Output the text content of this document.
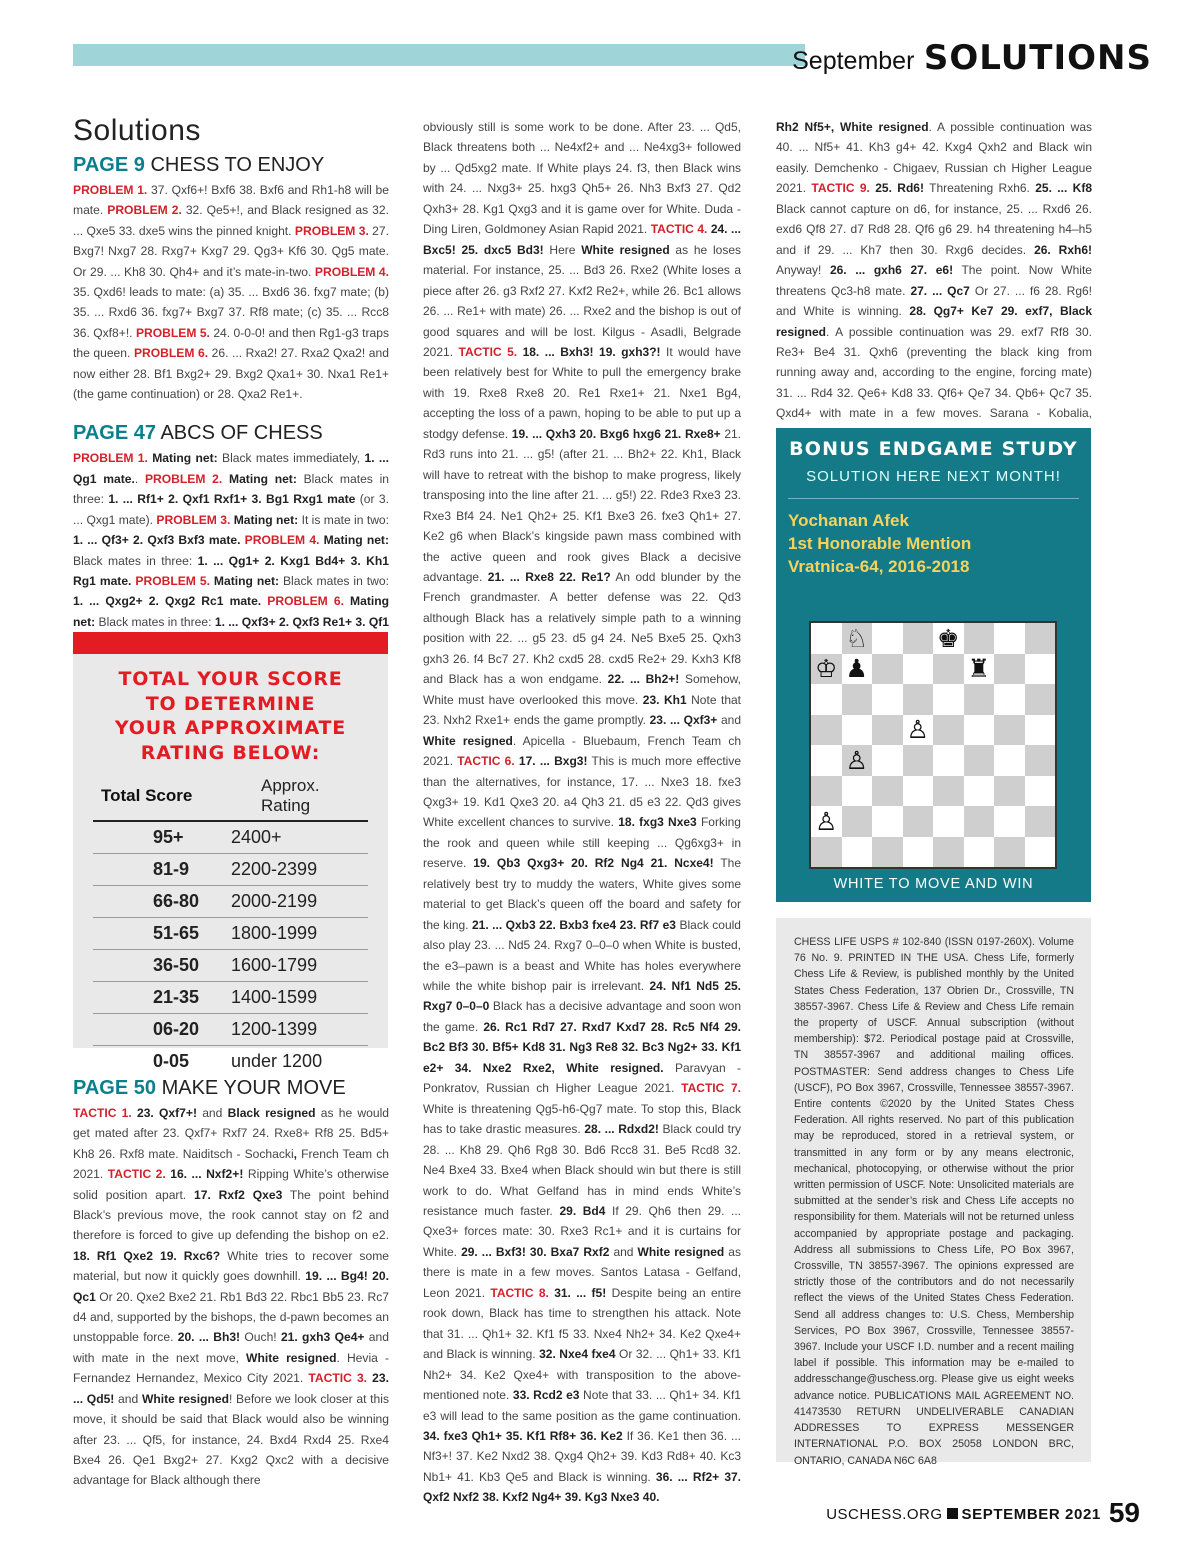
September SOLUTIONS
Solutions
PAGE 9 CHESS TO ENJOY
PROBLEM 1. 37. Qxf6+! Bxf6 38. Bxf6 and Rh1-h8 will be mate. PROBLEM 2. 32. Qe5+!, and Black resigned as 32. ... Qxe5 33. dxe5 wins the pinned knight. PROBLEM 3. 27. Bxg7! Nxg7 28. Rxg7+ Kxg7 29. Qg3+ Kf6 30. Qg5 mate. Or 29. ... Kh8 30. Qh4+ and it’s mate-in-two. PROBLEM 4. 35. Qxd6! leads to mate: (a) 35. ... Bxd6 36. fxg7 mate; (b) 35. ... Rxd6 36. fxg7+ Bxg7 37. Rf8 mate; (c) 35. ... Rcc8 36. Qxf8+!. PROBLEM 5. 24. 0-0-0! and then Rg1-g3 traps the queen. PROBLEM 6. 26. ... Rxa2! 27. Rxa2 Qxa2! and now either 28. Bf1 Bxg2+ 29. Bxg2 Qxa1+ 30. Nxa1 Re1+ (the game continuation) or 28. Qxa2 Re1+.
PAGE 47 ABCS OF CHESS
PROBLEM 1. Mating net: Black mates immediately, 1. ... Qg1 mate.. PROBLEM 2. Mating net: Black mates in three: 1. ... Rf1+ 2. Qxf1 Rxf1+ 3. Bg1 Rxg1 mate (or 3. ... Qxg1 mate). PROBLEM 3. Mating net: It is mate in two: 1. ... Qf3+ 2. Qxf3 Bxf3 mate. PROBLEM 4. Mating net: Black mates in three: 1. ... Qg1+ 2. Kxg1 Bd4+ 3. Kh1 Rg1 mate. PROBLEM 5. Mating net: Black mates in two: 1. ... Qxg2+ 2. Qxg2 Rc1 mate. PROBLEM 6. Mating net: Black mates in three: 1. ... Qxf3+ 2. Qxf3 Re1+ 3. Qf1
TOTAL YOUR SCORE
TO DETERMINE
YOUR APPROXIMATE
RATING BELOW:
Total Score	Approx. Rating
95+	2400+
81-9	2200-2399
66-80	2000-2199
51-65	1800-1999
36-50	1600-1799
21-35	1400-1599
06-20	1200-1399
0-05	under 1200
PAGE 50 MAKE YOUR MOVE
TACTIC 1. 23. Qxf7+! and Black resigned as he would get mated after 23. Qxf7+ Rxf7 24. Rxe8+ Rf8 25. Bd5+ Kh8 26. Rxf8 mate. Naiditsch - Sochacki, French Team ch 2021. TACTIC 2. 16. ... Nxf2+! Ripping White’s otherwise solid position apart. 17. Rxf2 Qxe3 The point behind Black’s previous move, the rook cannot stay on f2 and therefore is forced to give up defending the bishop on e2. 18. Rf1 Qxe2 19. Rxc6? White tries to recover some material, but now it quickly goes downhill. 19. ... Bg4! 20. Qc1 Or 20. Qxe2 Bxe2 21. Rb1 Bd3 22. Rbc1 Bb5 23. Rc7 d4 and, supported by the bishops, the d-pawn becomes an unstoppable force. 20. ... Bh3! Ouch! 21. gxh3 Qe4+ and with mate in the next move, White resigned. Hevia - Fernandez Hernandez, Mexico City 2021. TACTIC 3. 23. ... Qd5! and White resigned! Before we look closer at this move, it should be said that Black would also be winning after 23. ... Qf5, for instance, 24. Bxd4 Rxd4 25. Rxe4 Bxe4 26. Qe1 Bxg2+ 27. Kxg2 Qxc2 with a decisive advantage for Black although there
obviously still is some work to be done. After 23. ... Qd5, Black threatens both ... Ne4xf2+ and ... Ne4xg3+ followed by ... Qd5xg2 mate. If White plays 24. f3, then Black wins with 24. ... Nxg3+ 25. hxg3 Qh5+ 26. Nh3 Bxf3 27. Qd2 Qxh3+ 28. Kg1 Qxg3 and it is game over for White. Duda - Ding Liren, Goldmoney Asian Rapid 2021. TACTIC 4. 24. ... Bxc5! 25. dxc5 Bd3! Here White resigned as he loses material. For instance, 25. ... Bd3 26. Rxe2 (White loses a piece after 26. g3 Rxf2 27. Kxf2 Re2+, while 26. Bc1 allows 26. ... Re1+ with mate) 26. ... Rxe2 and the bishop is out of good squares and will be lost. Kilgus - Asadli, Belgrade 2021. TACTIC 5. 18. ... Bxh3! 19. gxh3?! It would have been relatively best for White to pull the emergency brake with 19. Rxe8 Rxe8 20. Re1 Rxe1+ 21. Nxe1 Bg4, accepting the loss of a pawn, hoping to be able to put up a stodgy defense. 19. ... Qxh3 20. Bxg6 hxg6 21. Rxe8+ 21. Rd3 runs into 21. ... g5! (after 21. ... Bh2+ 22. Kh1, Black will have to retreat with the bishop to make progress, likely transposing into the line after 21. ... g5!) 22. Rde3 Rxe3 23. Rxe3 Bf4 24. Ne1 Qh2+ 25. Kf1 Bxe3 26. fxe3 Qh1+ 27. Ke2 g6 when Black’s kingside pawn mass combined with the active queen and rook gives Black a decisive advantage. 21. ... Rxe8 22. Re1? An odd blunder by the French grandmaster. A better defense was 22. Qd3 although Black has a relatively simple path to a winning position with 22. ... g5 23. d5 g4 24. Ne5 Bxe5 25. Qxh3 gxh3 26. f4 Bc7 27. Kh2 cxd5 28. cxd5 Re2+ 29. Kxh3 Kf8 and Black has a won endgame. 22. ... Bh2+! Somehow, White must have overlooked this move. 23. Kh1 Note that 23. Nxh2 Rxe1+ ends the game promptly. 23. ... Qxf3+ and White resigned. Apicella - Bluebaum, French Team ch 2021. TACTIC 6. 17. ... Bxg3! This is much more effective than the alternatives, for instance, 17. ... Nxe3 18. fxe3 Qxg3+ 19. Kd1 Qxe3 20. a4 Qh3 21. d5 e3 22. Qd3 gives White excellent chances to survive. 18. fxg3 Nxe3 Forking the rook and queen while still keeping ... Qg6xg3+ in reserve. 19. Qb3 Qxg3+ 20. Rf2 Ng4 21. Ncxe4! The relatively best try to muddy the waters, White gives some material to get Black’s queen off the board and safety for the king. 21. ... Qxb3 22. Bxb3 fxe4 23. Rf7 e3 Black could also play 23. ... Nd5 24. Rxg7 0–0–0 when White is busted, the e3–pawn is a beast and White has holes everywhere while the white bishop pair is irrelevant. 24. Nf1 Nd5 25. Rxg7 0–0–0 Black has a decisive advantage and soon won the game. 26. Rc1 Rd7 27. Rxd7 Kxd7 28. Rc5 Nf4 29. Bc2 Bf3 30. Bf5+ Kd8 31. Ng3 Re8 32. Bc3 Ng2+ 33. Kf1 e2+ 34. Nxe2 Rxe2, White resigned. Paravyan - Ponkratov, Russian ch Higher League 2021. TACTIC 7. White is threatening Qg5-h6-Qg7 mate. To stop this, Black has to take drastic measures. 28. ... Rdxd2! Black could try 28. ... Kh8 29. Qh6 Rg8 30. Bd6 Rcc8 31. Be5 Rcd8 32. Ne4 Bxe4 33. Bxe4 when Black should win but there is still work to do. What Gelfand has in mind ends White’s resistance much faster. 29. Bd4 If 29. Qh6 then 29. ... Qxe3+ forces mate: 30. Rxe3 Rc1+ and it is curtains for White. 29. ... Bxf3! 30. Bxa7 Rxf2 and White resigned as there is mate in a few moves. Santos Latasa - Gelfand, Leon 2021. TACTIC 8. 31. ... f5! Despite being an entire rook down, Black has time to strengthen his attack. Note that 31. ... Qh1+ 32. Kf1 f5 33. Nxe4 Nh2+ 34. Ke2 Qxe4+ and Black is winning. 32. Nxe4 fxe4 Or 32. ... Qh1+ 33. Kf1 Nh2+ 34. Ke2 Qxe4+ with transposition to the above-mentioned note. 33. Rcd2 e3 Note that 33. ... Qh1+ 34. Kf1 e3 will lead to the same position as the game continuation. 34. fxe3 Qh1+ 35. Kf1 Rf8+ 36. Ke2 If 36. Ke1 then 36. ... Nf3+! 37. Ke2 Nxd2 38. Qxg4 Qh2+ 39. Kd3 Rd8+ 40. Kc3 Nb1+ 41. Kb3 Qe5 and Black is winning. 36. ... Rf2+ 37. Qxf2 Nxf2 38. Kxf2 Ng4+ 39. Kg3 Nxe3 40.
Rh2 Nf5+, White resigned. A possible continuation was 40. ... Nf5+ 41. Kh3 g4+ 42. Kxg4 Qxh2 and Black win easily. Demchenko - Chigaev, Russian ch Higher League 2021. TACTIC 9. 25. Rd6! Threatening Rxh6. 25. ... Kf8 Black cannot capture on d6, for instance, 25. ... Rxd6 26. exd6 Qf8 27. d7 Rd8 28. Qf6 g6 29. h4 threatening h4–h5 and if 29. ... Kh7 then 30. Rxg6 decides. 26. Rxh6! Anyway! 26. ... gxh6 27. e6! The point. Now White threatens Qc3-h8 mate. 27. ... Qc7 Or 27. ... f6 28. Rg6! and White is winning. 28. Qg7+ Ke7 29. exf7, Black resigned. A possible continuation was 29. exf7 Rf8 30. Re3+ Be4 31. Qxh6 (preventing the black king from running away and, according to the engine, forcing mate) 31. ... Rd4 32. Qe6+ Kd8 33. Qf6+ Qe7 34. Qb6+ Qc7 35. Qxd4+ with mate in a few moves. Sarana - Kobalia,
BONUS ENDGAME STUDY
SOLUTION HERE NEXT MONTH!
Yochanan Afek
1st Honorable Mention
Vratnica-64, 2016-2018
♘	♚
♔ ♟	♜
♙
♙
♙
WHITE TO MOVE AND WIN
CHESS LIFE USPS # 102-840 (ISSN 0197-260X). Volume 76 No. 9. PRINTED IN THE USA. Chess Life, formerly Chess Life & Review, is published monthly by the United States Chess Federation, 137 Obrien Dr., Crossville, TN 38557-3967. Chess Life & Review and Chess Life remain the property of USCF. Annual subscription (without membership): $72. Periodical postage paid at Crossville, TN 38557-3967 and additional mailing offices. POSTMASTER: Send address changes to Chess Life (USCF), PO Box 3967, Crossville, Tennessee 38557-3967. Entire contents ©2020 by the United States Chess Federation. All rights reserved. No part of this publication may be reproduced, stored in a retrieval system, or transmitted in any form or by any means electronic, mechanical, photocopying, or otherwise without the prior written permission of USCF. Note: Unsolicited materials are submitted at the sender’s risk and Chess Life accepts no responsibility for them. Materials will not be returned unless accompanied by appropriate postage and packaging. Address all submissions to Chess Life, PO Box 3967, Crossville, TN 38557-3967. The opinions expressed are strictly those of the contributors and do not necessarily reflect the views of the United States Chess Federation. Send all address changes to: U.S. Chess, Membership Services, PO Box 3967, Crossville, Tennessee 38557-3967. Include your USCF I.D. number and a recent mailing label if possible. This information may be e-mailed to addresschange@uschess.org. Please give us eight weeks advance notice. PUBLICATIONS MAIL AGREEMENT NO. 41473530 RETURN UNDELIVERABLE CANADIAN ADDRESSES TO EXPRESS MESSENGER INTERNATIONAL P.O. BOX 25058 LONDON BRC, ONTARIO, CANADA N6C 6A8
USCHESS.ORG SEPTEMBER 2021 59
